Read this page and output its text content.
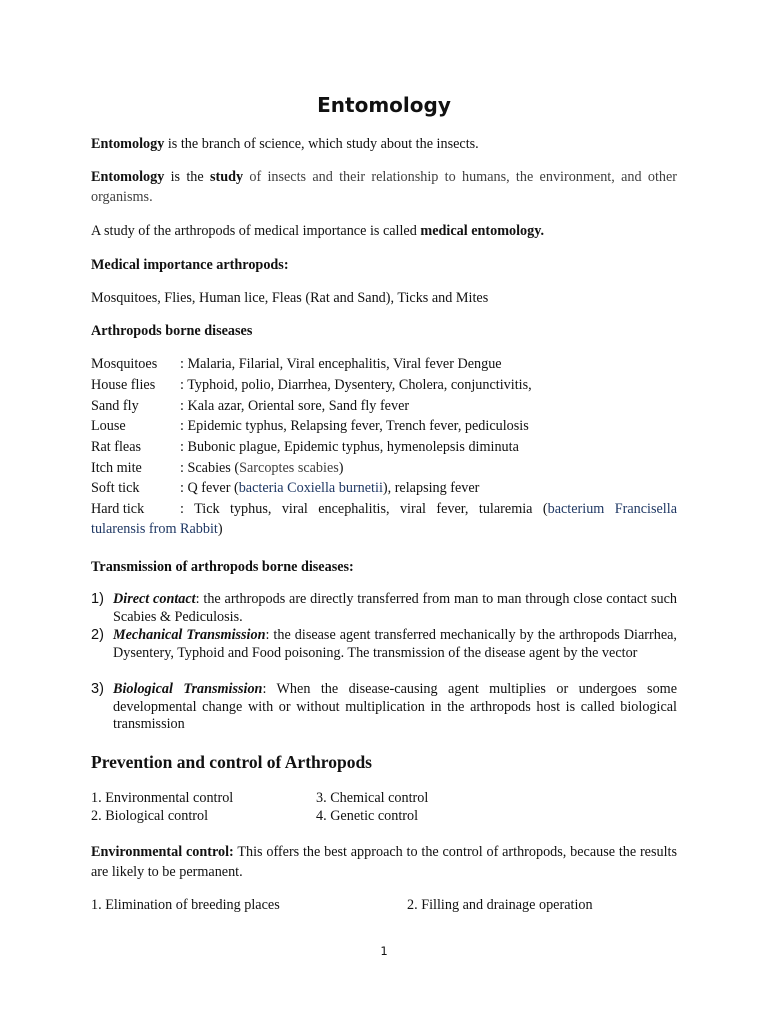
Entomology
Entomology is the branch of science, which study about the insects.
Entomology is the study of insects and their relationship to humans, the environment, and other organisms.
A study of the arthropods of medical importance is called medical entomology.
Medical importance arthropods:
Mosquitoes, Flies, Human lice, Fleas (Rat and Sand), Ticks and Mites
Arthropods borne diseases
Mosquitoes : Malaria, Filarial, Viral encephalitis, Viral fever Dengue
House flies : Typhoid, polio, Diarrhea, Dysentery, Cholera, conjunctivitis,
Sand fly	: Kala azar, Oriental sore, Sand fly fever
Louse	: Epidemic typhus, Relapsing fever, Trench fever, pediculosis
Rat fleas	: Bubonic plague, Epidemic typhus, hymenolepsis diminuta
Itch mite	: Scabies (Sarcoptes scabies)
Soft tick	: Q fever (bacteria Coxiella burnetii), relapsing fever
Hard tick	: Tick typhus, viral encephalitis, viral fever, tularemia (bacterium Francisella
tularensis from Rabbit)
Transmission of arthropods borne diseases:
1) Direct contact: the arthropods are directly transferred from man to man through close contact such Scabies & Pediculosis.
2) Mechanical Transmission: the disease agent transferred mechanically by the arthropods Diarrhea, Dysentery, Typhoid and Food poisoning. The transmission of the disease agent by the vector
3) Biological Transmission: When the disease-causing agent multiplies or undergoes some developmental change with or without multiplication in the arthropods host is called biological transmission
Prevention and control of Arthropods
1. Environmental control
2. Biological control
3. Chemical control
4. Genetic control
Environmental control: This offers the best approach to the control of arthropods, because the results are likely to be permanent.
1. Elimination of breeding places	2. Filling and drainage operation
1
